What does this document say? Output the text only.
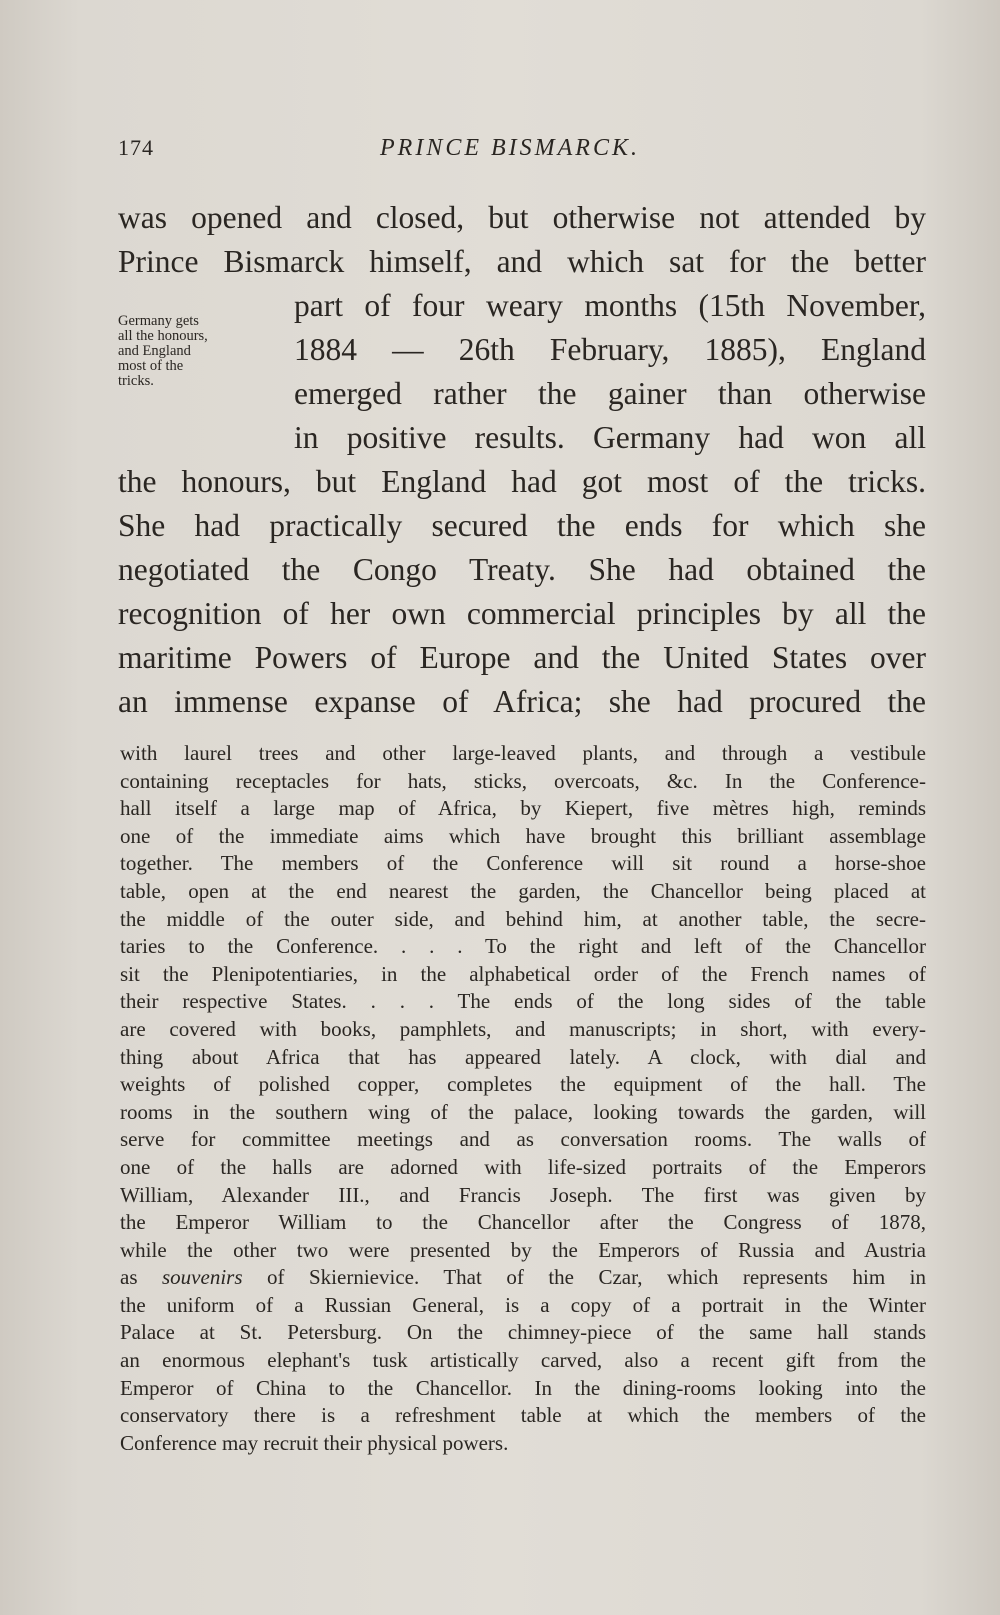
174	PRINCE BISMARCK.
Germany gets
all the honours,
and England
most of the
tricks.
was opened and closed, but otherwise not attended by
Prince Bismarck himself, and which sat for the better
part of four weary months (15th November,
1884 — 26th February, 1885), England
emerged rather the gainer than otherwise
in positive results. Germany had won all
the honours, but England had got most of the tricks.
She had practically secured the ends for which she
negotiated the Congo Treaty. She had obtained the
recognition of her own commercial principles by all the
maritime Powers of Europe and the United States over
an immense expanse of Africa; she had procured the
with laurel trees and other large-leaved plants, and through a vestibule
containing receptacles for hats, sticks, overcoats, &c. In the Conference-
hall itself a large map of Africa, by Kiepert, five mètres high, reminds
one of the immediate aims which have brought this brilliant assemblage
together. The members of the Conference will sit round a horse-shoe
table, open at the end nearest the garden, the Chancellor being placed at
the middle of the outer side, and behind him, at another table, the secre-
taries to the Conference. . . . To the right and left of the Chancellor
sit the Plenipotentiaries, in the alphabetical order of the French names of
their respective States. . . . The ends of the long sides of the table
are covered with books, pamphlets, and manuscripts; in short, with every-
thing about Africa that has appeared lately. A clock, with dial and
weights of polished copper, completes the equipment of the hall. The
rooms in the southern wing of the palace, looking towards the garden, will
serve for committee meetings and as conversation rooms. The walls of
one of the halls are adorned with life-sized portraits of the Emperors
William, Alexander III., and Francis Joseph. The first was given by
the Emperor William to the Chancellor after the Congress of 1878,
while the other two were presented by the Emperors of Russia and Austria
as souvenirs of Skiernievice. That of the Czar, which represents him in
the uniform of a Russian General, is a copy of a portrait in the Winter
Palace at St. Petersburg. On the chimney-piece of the same hall stands
an enormous elephant's tusk artistically carved, also a recent gift from the
Emperor of China to the Chancellor. In the dining-rooms looking into the
conservatory there is a refreshment table at which the members of the
Conference may recruit their physical powers.
